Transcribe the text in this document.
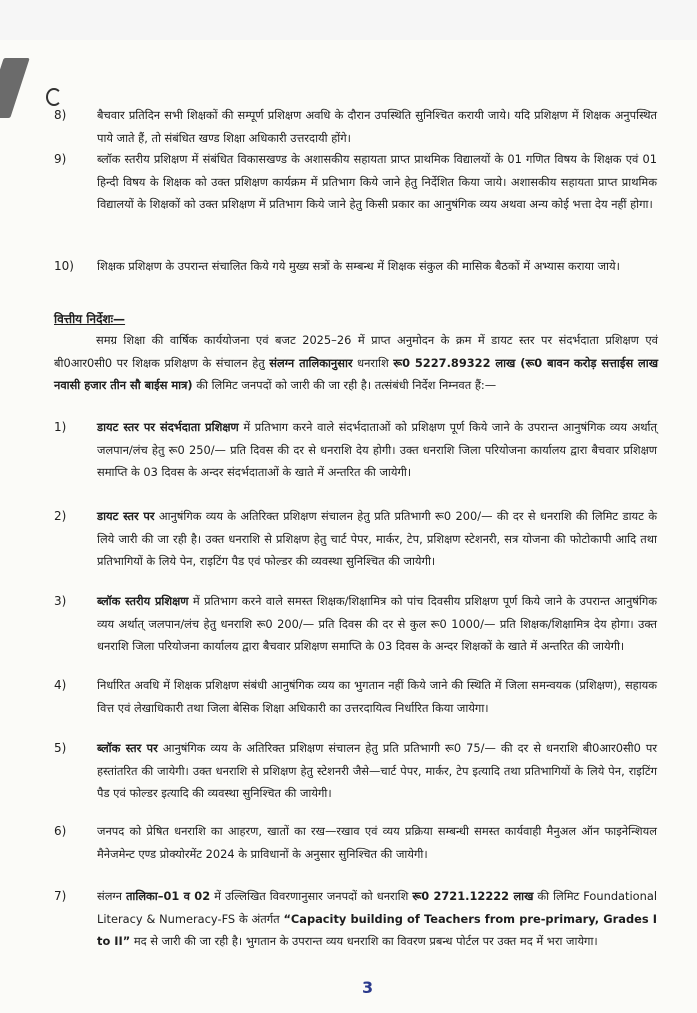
8)	बैचवार प्रतिदिन सभी शिक्षकों की सम्पूर्ण प्रशिक्षण अवधि के दौरान उपस्थिति सुनिश्चित करायी जाये। यदि प्रशिक्षण में शिक्षक अनुपस्थित पाये जाते हैं, तो संबंधित खण्ड शिक्षा अधिकारी उत्तरदायी होंगे।

9)	ब्लॉक स्तरीय प्रशिक्षण में संबंधित विकासखण्ड के अशासकीय सहायता प्राप्त प्राथमिक विद्यालयों के 01 गणित विषय के शिक्षक एवं 01 हिन्दी विषय के शिक्षक को उक्त प्रशिक्षण कार्यक्रम में प्रतिभाग किये जाने हेतु निर्देशित किया जाये। अशासकीय सहायता प्राप्त प्राथमिक विद्यालयों के शिक्षकों को उक्त प्रशिक्षण में प्रतिभाग किये जाने हेतु किसी प्रकार का आनुषंगिक व्यय अथवा अन्य कोई भत्ता देय नहीं होगा।

10) शिक्षक प्रशिक्षण के उपरान्त संचालित किये गये मुख्य सत्रों के सम्बन्ध में शिक्षक संकुल की मासिक बैठकों में अभ्यास कराया जाये।

वित्तीय निर्देशः—

समग्र शिक्षा की वार्षिक कार्ययोजना एवं बजट 2025–26 में प्राप्त अनुमोदन के क्रम में डायट स्तर पर संदर्भदाता प्रशिक्षण एवं बी0आर0सी0 पर शिक्षक प्रशिक्षण के संचालन हेतु संलग्न तालिकानुसार धनराशि रू0 5227.89322 लाख (रू0 बावन करोड़ सत्ताईस लाख नवासी हजार तीन सौ बाईस मात्र) की लिमिट जनपदों को जारी की जा रही है। तत्संबंधी निर्देश निम्नवत हैं:—

1)	डायट स्तर पर संदर्भदाता प्रशिक्षण में प्रतिभाग करने वाले संदर्भदाताओं को प्रशिक्षण पूर्ण किये जाने के उपरान्त आनुषंगिक व्यय अर्थात् जलपान/लंच हेतु रू0 250/— प्रति दिवस की दर से धनराशि देय होगी। उक्त धनराशि जिला परियोजना कार्यालय द्वारा बैचवार प्रशिक्षण समाप्ति के 03 दिवस के अन्दर संदर्भदाताओं के खाते में अन्तरित की जायेगी।

2)	डायट स्तर पर आनुषंगिक व्यय के अतिरिक्त प्रशिक्षण संचालन हेतु प्रति प्रतिभागी रू0 200/— की दर से धनराशि की लिमिट डायट के लिये जारी की जा रही है। उक्त धनराशि से प्रशिक्षण हेतु चार्ट पेपर, मार्कर, टेप, प्रशिक्षण स्टेशनरी, सत्र योजना की फोटोकापी आदि तथा प्रतिभागियों के लिये पेन, राइटिंग पैड एवं फोल्डर की व्यवस्था सुनिश्चित की जायेगी।

3)	ब्लॉक स्तरीय प्रशिक्षण में प्रतिभाग करने वाले समस्त शिक्षक/शिक्षामित्र को पांच दिवसीय प्रशिक्षण पूर्ण किये जाने के उपरान्त आनुषंगिक व्यय अर्थात् जलपान/लंच हेतु धनराशि रू0 200/— प्रति दिवस की दर से कुल रू0 1000/— प्रति शिक्षक/शिक्षामित्र देय होगा। उक्त धनराशि जिला परियोजना कार्यालय द्वारा बैचवार प्रशिक्षण समाप्ति के 03 दिवस के अन्दर शिक्षकों के खाते में अन्तरित की जायेगी।

4)	निर्धारित अवधि में शिक्षक प्रशिक्षण संबंधी आनुषंगिक व्यय का भुगतान नहीं किये जाने की स्थिति में जिला समन्वयक (प्रशिक्षण), सहायक वित्त एवं लेखाधिकारी तथा जिला बेसिक शिक्षा अधिकारी का उत्तरदायित्व निर्धारित किया जायेगा।

5)	ब्लॉक स्तर पर आनुषंगिक व्यय के अतिरिक्त प्रशिक्षण संचालन हेतु प्रति प्रतिभागी रू0 75/— की दर से धनराशि बी0आर0सी0 पर हस्तांतरित की जायेगी। उक्त धनराशि से प्रशिक्षण हेतु स्टेशनरी जैसे—चार्ट पेपर, मार्कर, टेप इत्यादि तथा प्रतिभागियों के लिये पेन, राइटिंग पैड एवं फोल्डर इत्यादि की व्यवस्था सुनिश्चित की जायेगी।

6)	जनपद को प्रेषित धनराशि का आहरण, खातों का रख—रखाव एवं व्यय प्रक्रिया सम्बन्धी समस्त कार्यवाही मैनुअल ऑन फाइनेन्शियल मैनेजमेन्ट एण्ड प्रोक्योरमेंट 2024 के प्राविधानों के अनुसार सुनिश्चित की जायेगी।

7)	संलग्न तालिका–01 व 02 में उल्लिखित विवरणानुसार जनपदों को धनराशि रू0 2721.12222 लाख की लिमिट Foundational Literacy & Numeracy-FS के अंतर्गत “Capacity building of Teachers from pre-primary, Grades I to II” मद से जारी की जा रही है। भुगतान के उपरान्त व्यय धनराशि का विवरण प्रबन्ध पोर्टल पर उक्त मद में भरा जायेगा।

3
